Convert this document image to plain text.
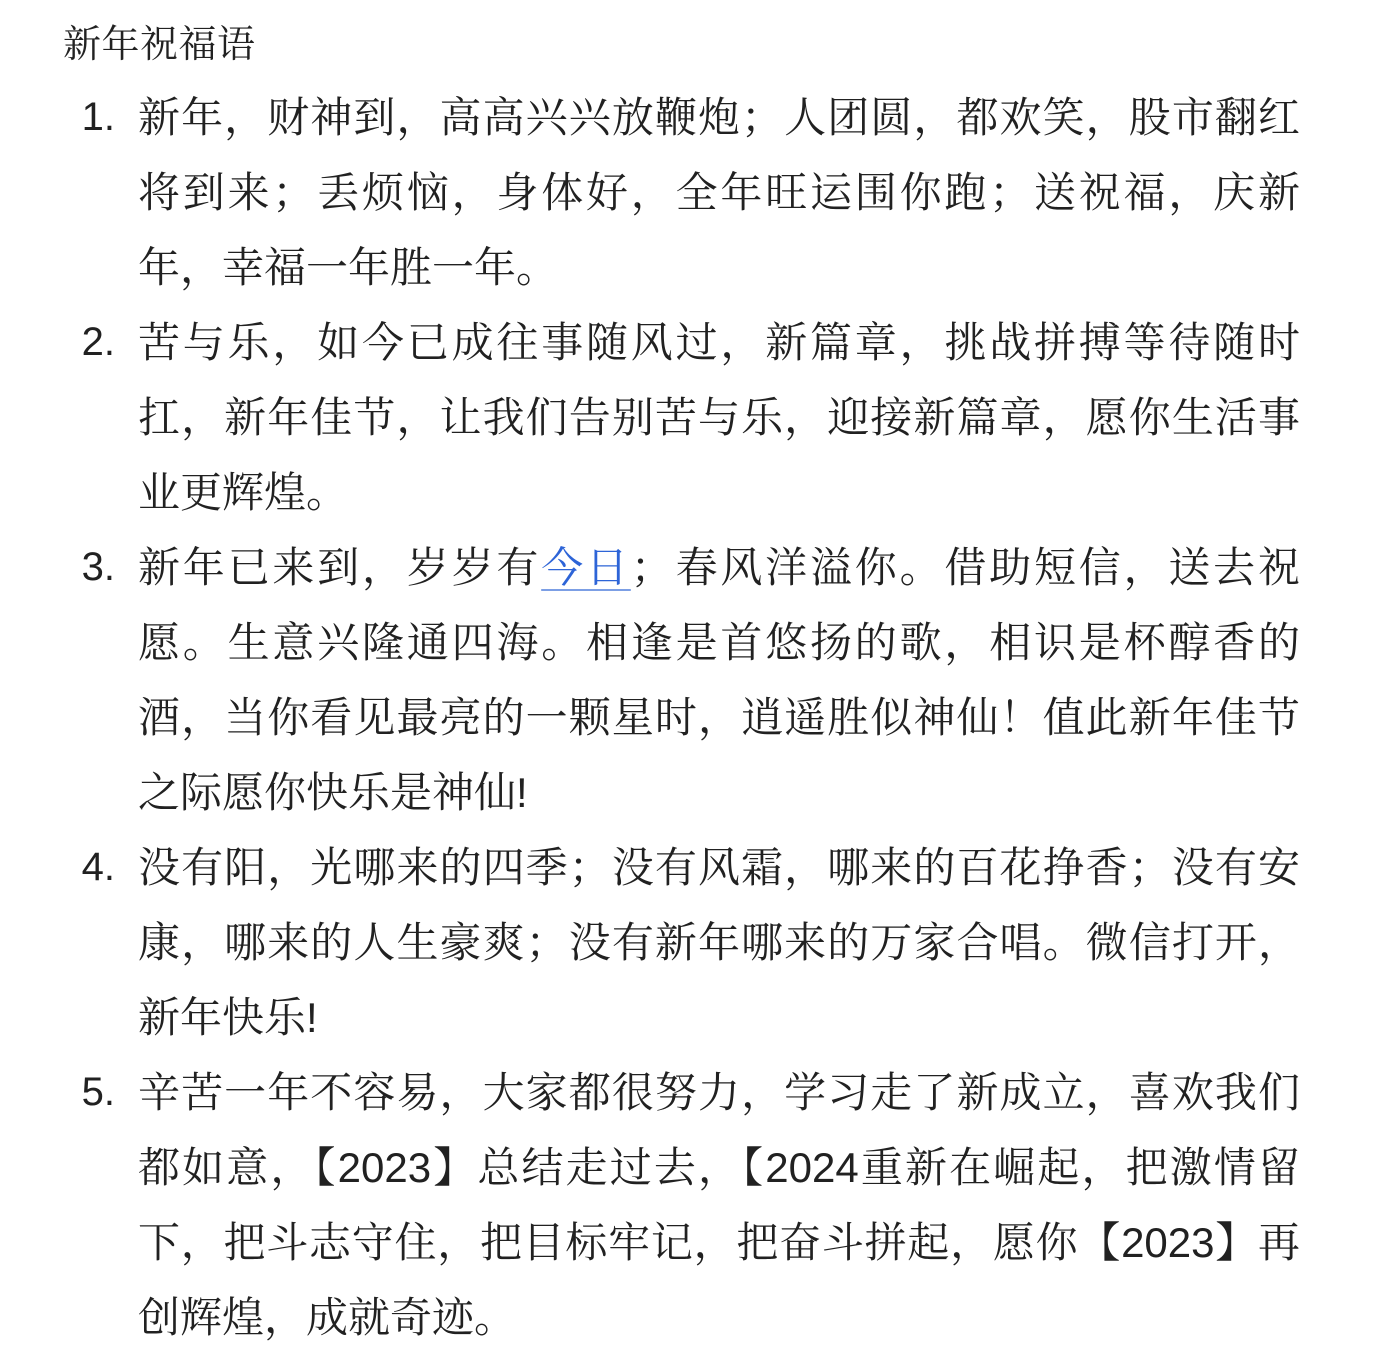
新年祝福语
1. 新年，财神到，高高兴兴放鞭炮；人团圆，都欢笑，股市翻红将到来；丢烦恼，身体好，全年旺运围你跑；送祝福，庆新年，幸福一年胜一年。
2. 苦与乐，如今已成往事随风过，新篇章，挑战拼搏等待随时扛，新年佳节，让我们告别苦与乐，迎接新篇章，愿你生活事业更辉煌。
3. 新年已来到，岁岁有今日；春风洋溢你。借助短信，送去祝愿。生意兴隆通四海。相逢是首悠扬的歌，相识是杯醇香的酒，当你看见最亮的一颗星时，逍遥胜似神仙！值此新年佳节之际愿你快乐是神仙!
4. 没有阳，光哪来的四季；没有风霜，哪来的百花挣香；没有安康，哪来的人生豪爽；没有新年哪来的万家合唱。微信打开，新年快乐!
5. 辛苦一年不容易，大家都很努力，学习走了新成立，喜欢我们都如意，【2023】总结走过去，【2024重新在崛起，把激情留下，把斗志守住，把目标牢记，把奋斗拼起，愿你【2023】再创辉煌，成就奇迹。
